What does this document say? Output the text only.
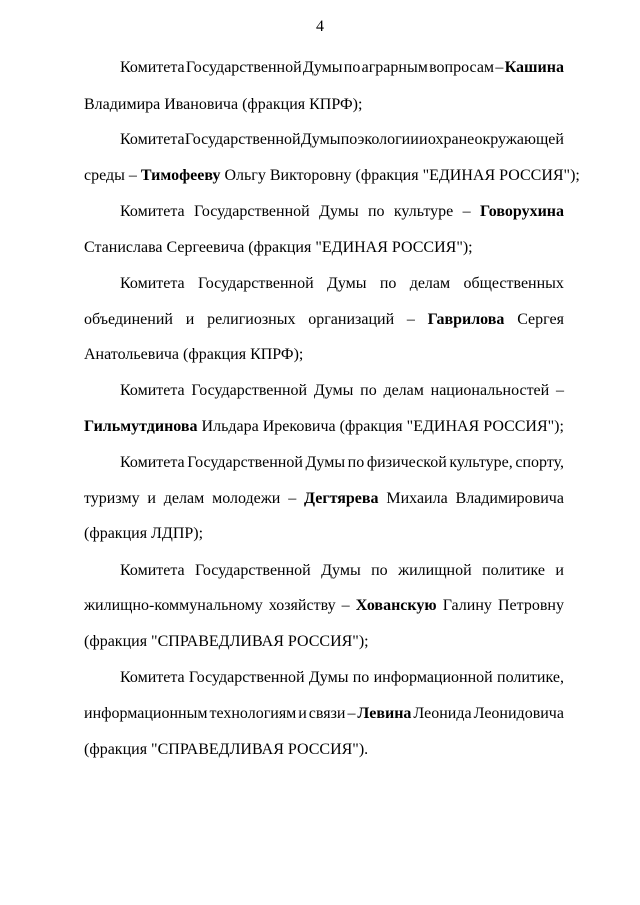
4
Комитета Государственной Думы по аграрным вопросам – Кашина
Владимира Ивановича (фракция КПРФ);
Комитета Государственной Думы по экологии и охране окружающей
среды – Тимофееву Ольгу Викторовну (фракция "ЕДИНАЯ РОССИЯ");
Комитета Государственной Думы по культуре – Говорухина
Станислава Сергеевича (фракция "ЕДИНАЯ РОССИЯ");
Комитета Государственной Думы по делам общественных
объединений и религиозных организаций – Гаврилова Сергея
Анатольевича (фракция КПРФ);
Комитета Государственной Думы по делам национальностей –
Гильмутдинова Ильдара Ирековича (фракция "ЕДИНАЯ РОССИЯ");
Комитета Государственной Думы по физической культуре, спорту,
туризму и делам молодежи – Дегтярева Михаила Владимировича
(фракция ЛДПР);
Комитета Государственной Думы по жилищной политике и
жилищно-коммунальному хозяйству – Хованскую Галину Петровну
(фракция "СПРАВЕДЛИВАЯ РОССИЯ");
Комитета Государственной Думы по информационной политике,
информационным технологиям и связи – Левина Леонида Леонидовича
(фракция "СПРАВЕДЛИВАЯ РОССИЯ").
